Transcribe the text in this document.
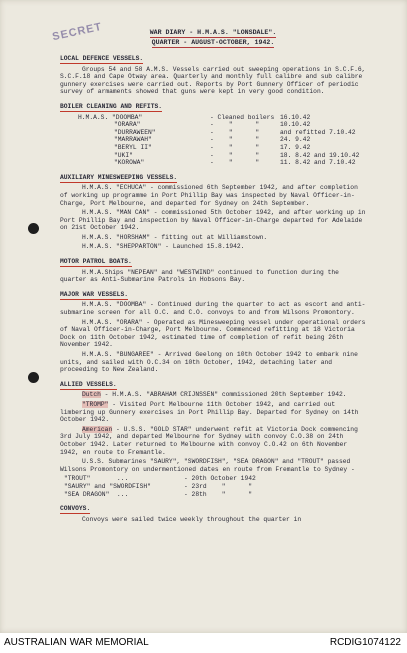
SECRET	WAR DIARY - H.M.A.S. "LONSDALE".
QUARTER - AUGUST-OCTOBER, 1942.
LOCAL DEFENCE VESSELS.

Groups 54 and 58 A.M.S. Vessels carried out sweeping operations in S.C.F.6, S.C.F.18 and Cape Otway area. Quarterly and monthly full calibre and sub calibre gunnery exercises were carried out. Reports by Port Gunnery Officer of periodic survey of armaments showed that guns were kept in very good condition.

BOILER CLEANING AND REFITS.
H.M.A.S. "DOOMBA"	- Cleaned boilers 16.10.42
"ORARA"	-    "      "	10.10.42
"DURRAWEEN"	-    "      "	and refitted 7.10.42
"MARRAWAH"	-    "      "	24. 9.42
"BERYL II"	-    "      "	17. 9.42
"UKI"	-    "      "	18. 8.42 and 19.10.42
"KOROWA"	-    "      "	11. 8.42 and 7.10.42
AUXILIARY MINESWEEPING VESSELS.

H.M.A.S. "ECHUCA" - commissioned 6th September 1942, and after completion of working up programme in Port Phillip Bay was inspected by Naval Officer-in-Charge, Port Melbourne, and departed for Sydney on 24th September.

H.M.A.S. "MAN CAN" - commissioned 5th October 1942, and after working up in Port Phillip Bay and inspection by Naval Officer-in-Charge departed for Adelaide on 21st October 1942.

H.M.A.S. "HORSHAM" - fitting out at Williamstown.

H.M.A.S. "SHEPPARTON" - Launched 15.8.1942.

MOTOR PATROL BOATS.

H.M.A.Ships "NEPEAN" and "WESTWIND" continued to function during the quarter as Anti-Submarine Patrols in Hobsons Bay.

MAJOR WAR VESSELS.

H.M.A.S. "DOOMBA" - Continued during the quarter to act as escort and anti-submarine screen for all O.C. and C.O. convoys to and from Wilsons Promontory.

H.M.A.S. "ORARA" - Operated as Minesweeping vessel under operational orders of Naval Officer-in-Charge, Port Melbourne. Commenced refitting at 18 Victoria Dock on 11th October 1942, estimated time of completion of refit being 26th November 1942.

H.M.A.S. "BUNGAREE" - Arrived Geelong on 10th October 1942 to embark nine units, and sailed with O.C.34 on 10th October, 1942, detaching later and proceeding to New Zealand.

ALLIED VESSELS.

Dutch - H.M.A.S. "ABRAHAM CRIJNSSEN" commissioned 20th September 1942.

"TROMP" - Visited Port Melbourne 11th October 1942, and carried out limbering up Gunnery exercises in Port Phillip Bay. Departed for Sydney on 14th October 1942.

American - U.S.S. "GOLD STAR" underwent refit at Victoria Dock commencing 3rd July 1942, and departed Melbourne for Sydney with convoy C.O.38 on 24th October 1942. Later returned to Melbourne with convoy C.O.42 on 6th November 1942, en route to Fremantle.

U.S.S. Submarines "SAURY", "SWORDFISH", "SEA DRAGON" and "TROUT" passed Wilsons Promontory on undermentioned dates en route from Fremantle to Sydney -

"TROUT"       ...	- 20th October 1942
"SAURY" and "SWORDFISH"	- 23rd    "      "
"SEA DRAGON"  ...	- 28th    "      "
CONVOYS.

Convoys were sailed twice weekly throughout the quarter in

AUSTRALIAN WAR MEMORIAL	RCDIG1074122
